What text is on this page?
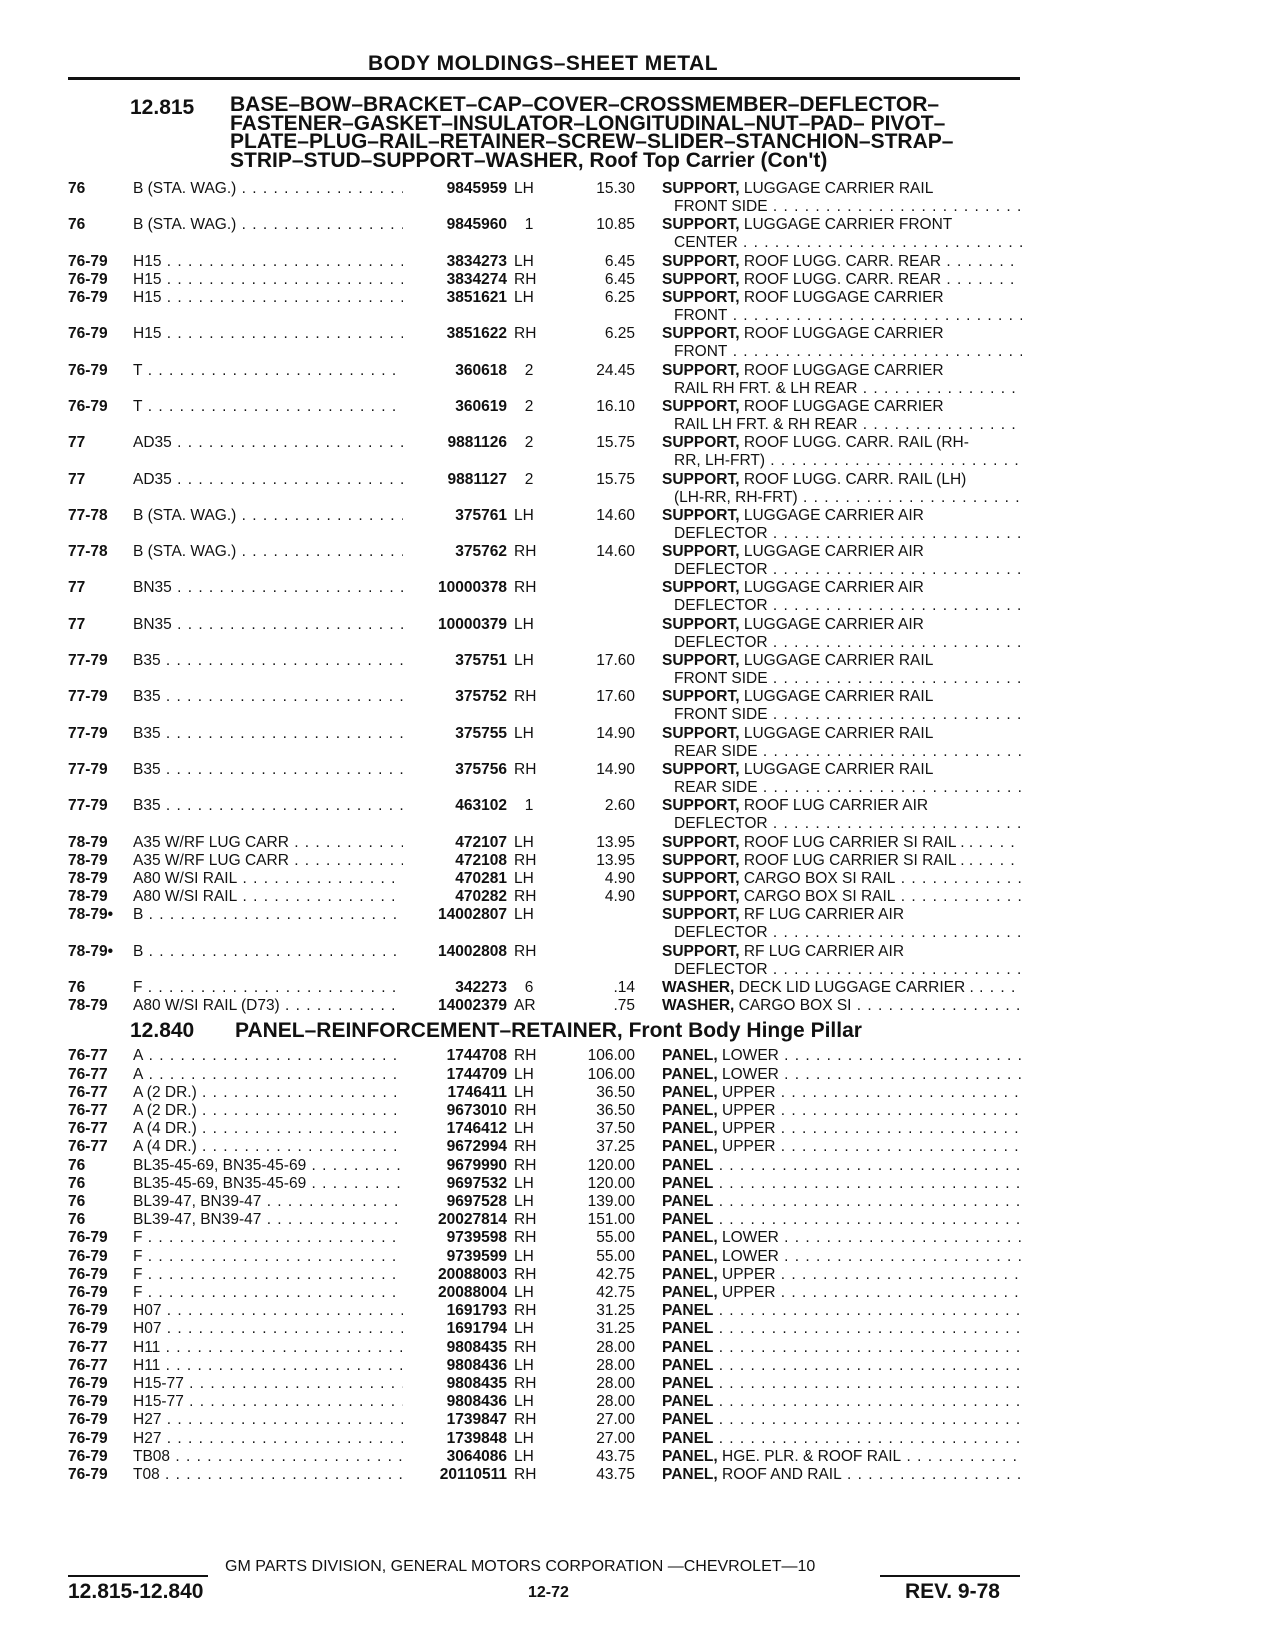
BODY MOLDINGS–SHEET METAL
12.815 BASE–BOW–BRACKET–CAP–COVER–CROSSMEMBER–DEFLECTOR–
FASTENER–GASKET–INSULATOR–LONGITUDINAL–NUT–PAD– PIVOT–
PLATE–PLUG–RAIL–RETAINER–SCREW–SLIDER–STANCHION–STRAP–
STRIP–STUD–SUPPORT–WASHER, Roof Top Carrier (Con't)
76	B (STA. WAG.) . . .	9845959 LH	15.30 SUPPORT, LUGGAGE CARRIER RAIL
FRONT SIDE . . .
76	B (STA. WAG.) . . .	9845960	1	10.85 SUPPORT, LUGGAGE CARRIER FRONT
CENTER . . .
76-79 H15 . . .	3834273 LH	6.45 SUPPORT, ROOF LUGG. CARR. REAR . . .
76-79 H15 . . .	3834274 RH	6.45 SUPPORT, ROOF LUGG. CARR. REAR . . .
76-79 H15 . . .	3851621 LH	6.25 SUPPORT, ROOF LUGGAGE CARRIER
FRONT . . .
76-79 H15 . . .	3851622 RH	6.25 SUPPORT, ROOF LUGGAGE CARRIER
FRONT . . .
76-79 T . . .	360618	2	24.45 SUPPORT, ROOF LUGGAGE CARRIER
RAIL RH FRT. & LH REAR . . .
76-79 T . . .	360619	2	16.10 SUPPORT, ROOF LUGGAGE CARRIER
RAIL LH FRT. & RH REAR . . .
77	AD35 . . .	9881126	2	15.75 SUPPORT, ROOF LUGG. CARR. RAIL (RH-
RR, LH-FRT) . . .
77	AD35 . . .	9881127	2	15.75 SUPPORT, ROOF LUGG. CARR. RAIL (LH)
(LH-RR, RH-FRT) . . .
77-78 B (STA. WAG.) . . .	375761 LH	14.60 SUPPORT, LUGGAGE CARRIER AIR
DEFLECTOR . . .
77-78 B (STA. WAG.) . . .	375762 RH	14.60 SUPPORT, LUGGAGE CARRIER AIR
DEFLECTOR . . .
77	BN35 . . .	10000378 RH	SUPPORT, LUGGAGE CARRIER AIR
DEFLECTOR . . .
77	BN35 . . .	10000379 LH	SUPPORT, LUGGAGE CARRIER AIR
DEFLECTOR . . .
77-79 B35 . . .	375751 LH	17.60 SUPPORT, LUGGAGE CARRIER RAIL
FRONT SIDE . . .
77-79 B35 . . .	375752 RH	17.60 SUPPORT, LUGGAGE CARRIER RAIL
FRONT SIDE . . .
77-79 B35 . . .	375755 LH	14.90 SUPPORT, LUGGAGE CARRIER RAIL
REAR SIDE . . .
77-79 B35 . . .	375756 RH	14.90 SUPPORT, LUGGAGE CARRIER RAIL
REAR SIDE . . .
77-79 B35 . . .	463102	1	2.60 SUPPORT, ROOF LUG CARRIER AIR
DEFLECTOR . . .
78-79 A35 W/RF LUG CARR . . .	472107 LH	13.95 SUPPORT, ROOF LUG CARRIER SI RAIL . . . . .
78-79 A35 W/RF LUG CARR . . .	472108 RH	13.95 SUPPORT, ROOF LUG CARRIER SI RAIL . . . . .
78-79 A80 W/SI RAIL . . .	470281 LH	4.90 SUPPORT, CARGO BOX SI RAIL . . .
78-79 A80 W/SI RAIL . . .	470282 RH	4.90 SUPPORT, CARGO BOX SI RAIL . . .
78-79• B . . .	14002807 LH	SUPPORT, RF LUG CARRIER AIR
DEFLECTOR . . .
78-79• B . . .	14002808 RH	SUPPORT, RF LUG CARRIER AIR
DEFLECTOR . . .
76	F . . .	342273	6	.14 WASHER, DECK LID LUGGAGE CARRIER . . . .
78-79 A80 W/SI RAIL (D73) . . .	14002379 AR	.75 WASHER, CARGO BOX SI . . .
12.840 PANEL–REINFORCEMENT–RETAINER, Front Body Hinge Pillar
76-77 A . . .	1744708 RH	106.00 PANEL, LOWER . . .
76-77 A . . .	1744709 LH	106.00 PANEL, LOWER . . .
76-77 A (2 DR.) . . .	1746411 LH	36.50 PANEL, UPPER . . .
76-77 A (2 DR.) . . .	9673010 RH	36.50 PANEL, UPPER . . .
76-77 A (4 DR.) . . .	1746412 LH	37.50 PANEL, UPPER . . .
76-77 A (4 DR.) . . .	9672994 RH	37.25 PANEL, UPPER . . .
76	BL35-45-69, BN35-45-69 . . .	9679990 RH	120.00 PANEL . . .
76	BL35-45-69, BN35-45-69 . . .	9697532 LH	120.00 PANEL . . .
76	BL39-47, BN39-47 . . .	9697528 LH	139.00 PANEL . . .
76	BL39-47, BN39-47 . . .	20027814 RH	151.00 PANEL . . .
76-79 F . . .	9739598 RH	55.00 PANEL, LOWER . . .
76-79 F . . .	9739599 LH	55.00 PANEL, LOWER . . .
76-79 F . . .	20088003 RH	42.75 PANEL, UPPER . . .
76-79 F . . .	20088004 LH	42.75 PANEL, UPPER . . .
76-79 H07 . . .	1691793 RH	31.25 PANEL . . .
76-79 H07 . . .	1691794 LH	31.25 PANEL . . .
76-77 H11 . . .	9808435 RH	28.00 PANEL . . .
76-77 H11 . . .	9808436 LH	28.00 PANEL . . .
76-79 H15-77 . . .	9808435 RH	28.00 PANEL . . .
76-79 H15-77 . . .	9808436 LH	28.00 PANEL . . .
76-79 H27 . . .	1739847 RH	27.00 PANEL . . .
76-79 H27 . . .	1739848 LH	27.00 PANEL . . .
76-79 TB08 . . .	3064086 LH	43.75 PANEL, HGE. PLR. & ROOF RAIL . . .
76-79 T08 . . .	20110511 RH	43.75 PANEL, ROOF AND RAIL . . .
GM PARTS DIVISION, GENERAL MOTORS CORPORATION —CHEVROLET—10
12.815-12.840	12-72	REV. 9-78
